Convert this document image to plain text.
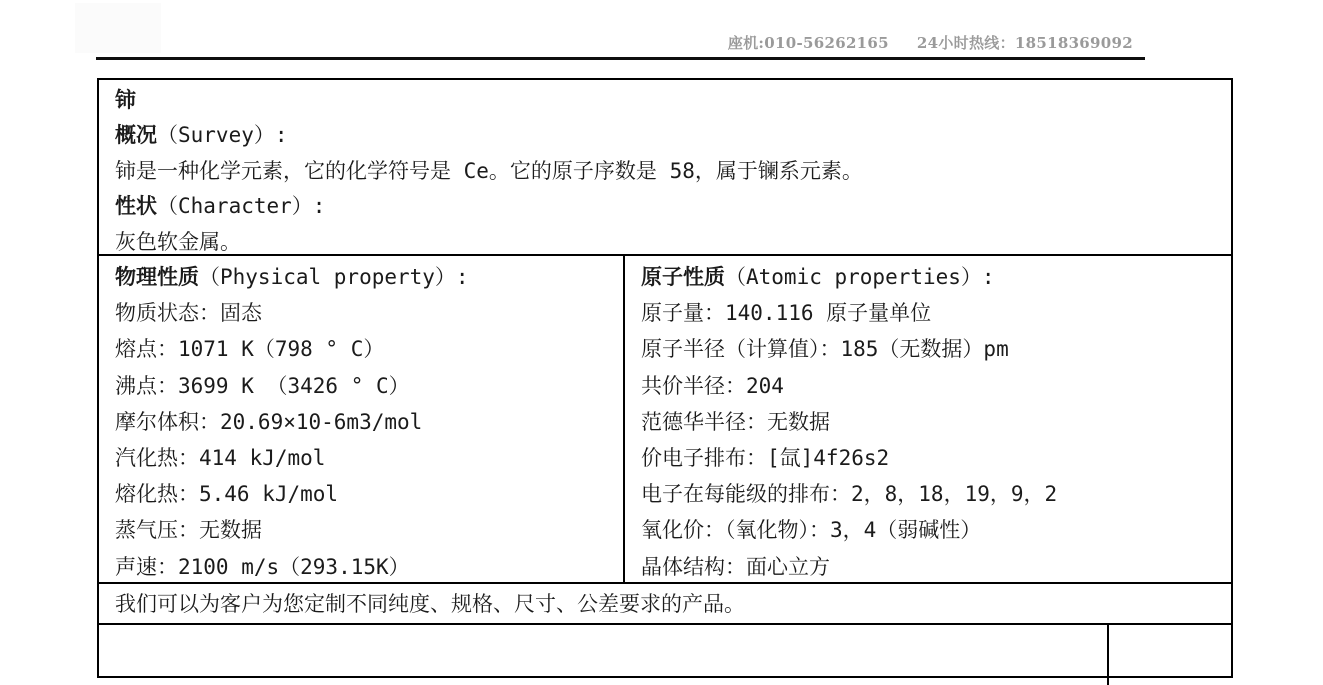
座机:010-56262165 24小时热线：18518369092
铈
概况（Survey）:
铈是一种化学元素，它的化学符号是 Ce。它的原子序数是 58，属于镧系元素。
性状（Character）:
灰色软金属。
物理性质（Physical property）:
物质状态：固态
熔点：1071 K（798 ° C）
沸点：3699 K （3426 ° C）
摩尔体积：20.69×10-6m3/mol
汽化热：414 kJ/mol
熔化热：5.46 kJ/mol
蒸气压：无数据
声速：2100 m/s（293.15K）
原子性质（Atomic properties）:
原子量：140.116 原子量单位
原子半径（计算值）：185（无数据）pm
共价半径：204
范德华半径：无数据
价电子排布：[氙]4f26s2
电子在每能级的排布：2，8，18，19，9，2
氧化价：（氧化物）：3，4（弱碱性）
晶体结构：面心立方
我们可以为客户为您定制不同纯度、规格、尺寸、公差要求的产品。
